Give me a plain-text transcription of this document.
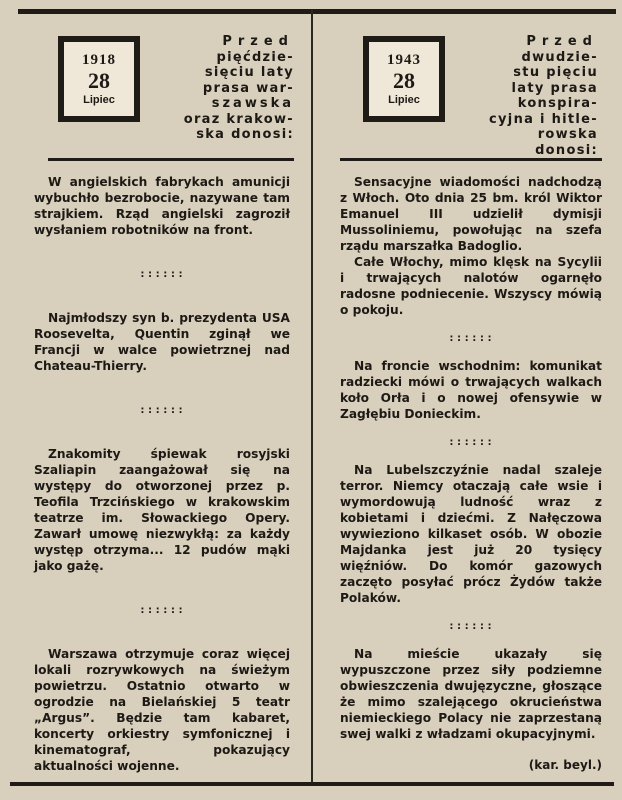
1918
28
Lipiec
Przed
pięćdzie-
sięciu laty
prasa war-
szawska
oraz krakow-
ska donosi:

W angielskich fabrykach amunicji wybuchło bezrobocie, nazywane tam strajkiem. Rząd angielski zagroził wysłaniem robotników na front.

::::::

Najmłodszy syn b. prezydenta USA Roosevelta, Quentin zginął we Francji w walce powietrznej nad Chateau-Thierry.

::::::

Znakomity śpiewak rosyjski Szaliapin zaangażował się na występy do otworzonej przez p. Teofila Trzcińskiego w krakowskim teatrze im. Słowackiego Opery. Zawarł umowę niezwykłą: za każdy występ otrzyma... 12 pudów mąki jako gażę.

::::::

Warszawa otrzymuje coraz więcej lokali rozrywkowych na świeżym powietrzu. Ostatnio otwarto w ogrodzie na Bielańskiej 5 teatr „Argus”. Będzie tam kabaret, koncerty orkiestry symfonicznej i kinematograf, pokazujący aktualności wojenne.

1943
28
Lipiec
Przed
dwudzie-
stu pięciu
laty prasa
konspira-
cyjna i hitle-
rowska donosi:

Sensacyjne wiadomości nadchodzą z Włoch. Oto dnia 25 bm. król Wiktor Emanuel III udzielił dymisji Mussoliniemu, powołując na szefa rządu marszałka Badoglio.

Całe Włochy, mimo klęsk na Sycylii i trwających nalotów ogarnęło radosne podniecenie. Wszyscy mówią o pokoju.

::::::

Na froncie wschodnim: komunikat radziecki mówi o trwających walkach koło Orła i o nowej ofensywie w Zagłębiu Donieckim.

::::::

Na Lubelszczyźnie nadal szaleje terror. Niemcy otaczają całe wsie i wymordowują ludność wraz z kobietami i dziećmi. Z Nałęczowa wywieziono kilkaset osób. W obozie Majdanka jest już 20 tysięcy więźniów. Do komór gazowych zaczęto posyłać prócz Żydów także Polaków.

::::::

Na mieście ukazały się wypuszczone przez siły podziemne obwieszczenia dwujęzyczne, głoszące że mimo szalejącego okrucieństwa niemieckiego Polacy nie zaprzestaną swej walki z władzami okupacyjnymi.

(kar. beyl.)
